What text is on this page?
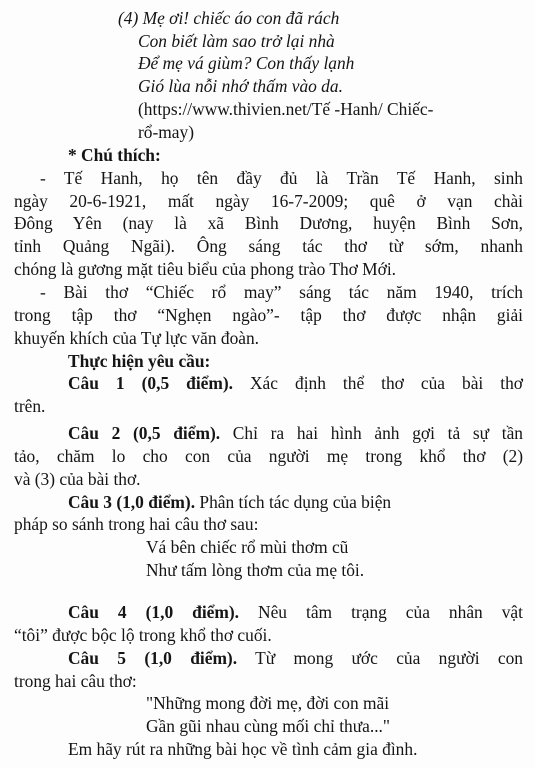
(4) Mẹ ơi! chiếc áo con đã rách
Con biết làm sao trở lại nhà
Để mẹ vá giùm? Con thấy lạnh
Gió lùa nỗi nhớ thấm vào da.
(https://www.thivien.net/Tế -Hanh/ Chiếc-
rổ-may)
* Chú thích:
- Tế Hanh, họ tên đầy đủ là Trần Tế Hanh, sinh
ngày 20-6-1921, mất ngày 16-7-2009; quê ở vạn chài
Đông Yên (nay là xã Bình Dương, huyện Bình Sơn,
tỉnh Quảng Ngãi). Ông sáng tác thơ từ sớm, nhanh
chóng là gương mặt tiêu biểu của phong trào Thơ Mới.
- Bài thơ “Chiếc rổ may” sáng tác năm 1940, trích
trong tập thơ “Nghẹn ngào”- tập thơ được nhận giải
khuyến khích của Tự lực văn đoàn.
Thực hiện yêu cầu:
Câu 1 (0,5 điểm). Xác định thể thơ của bài thơ
trên.
Câu 2 (0,5 điểm). Chỉ ra hai hình ảnh gợi tả sự tần
tảo, chăm lo cho con của người mẹ trong khổ thơ (2)
và (3) của bài thơ.
Câu 3 (1,0 điểm). Phân tích tác dụng của biện
pháp so sánh trong hai câu thơ sau:
Vá bên chiếc rổ mùi thơm cũ
Như tấm lòng thơm của mẹ tôi.
Câu 4 (1,0 điểm). Nêu tâm trạng của nhân vật
“tôi” được bộc lộ trong khổ thơ cuối.
Câu 5 (1,0 điểm). Từ mong ước của người con
trong hai câu thơ:
"Những mong đời mẹ, đời con mãi
Gần gũi nhau cùng mối chỉ thưa..."
Em hãy rút ra những bài học về tình cảm gia đình.
